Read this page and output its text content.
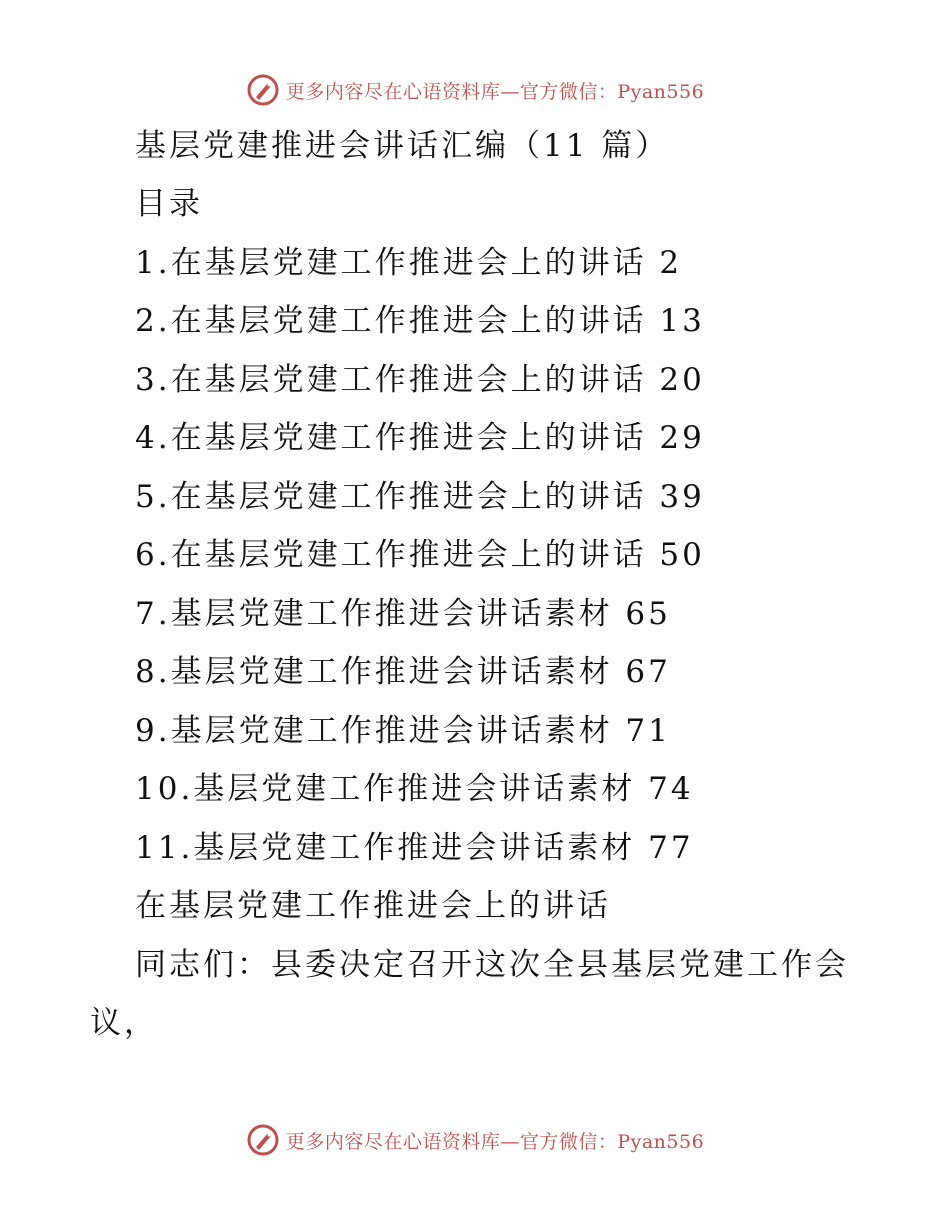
更多内容尽在心语资料库—官方微信：Pyan556
基层党建推进会讲话汇编（11 篇）
目录
1.在基层党建工作推进会上的讲话 2
2.在基层党建工作推进会上的讲话 13
3.在基层党建工作推进会上的讲话 20
4.在基层党建工作推进会上的讲话 29
5.在基层党建工作推进会上的讲话 39
6.在基层党建工作推进会上的讲话 50
7.基层党建工作推进会讲话素材 65
8.基层党建工作推进会讲话素材 67
9.基层党建工作推进会讲话素材 71
10.基层党建工作推进会讲话素材 74
11.基层党建工作推进会讲话素材 77
在基层党建工作推进会上的讲话
同志们：县委决定召开这次全县基层党建工作会
议，
更多内容尽在心语资料库—官方微信：Pyan556
